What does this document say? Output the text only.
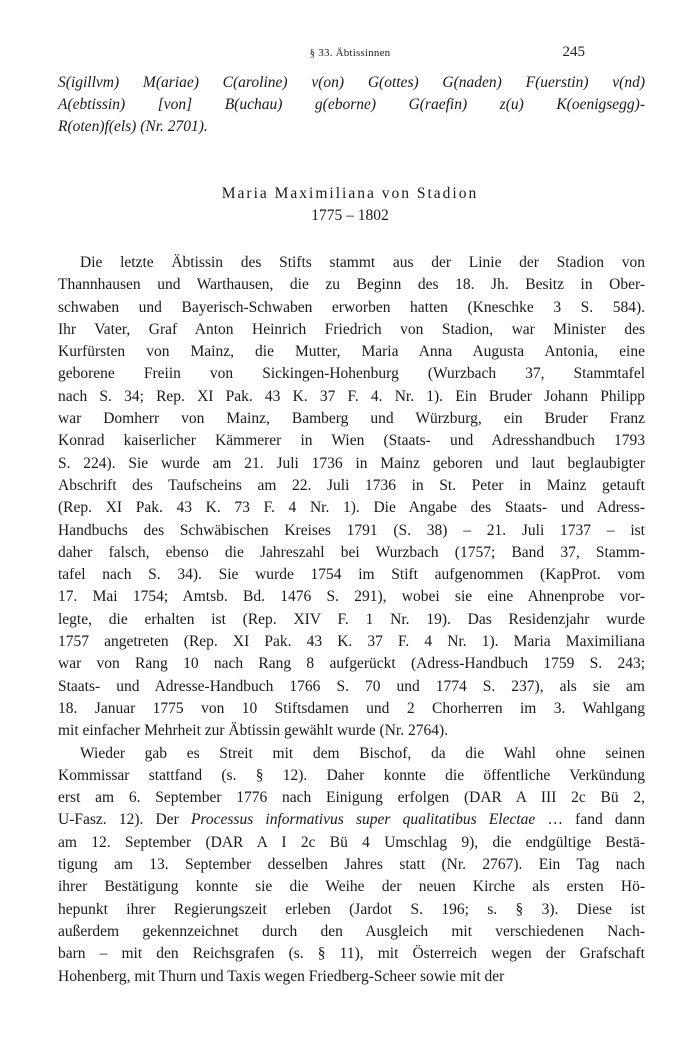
§ 33. Äbtissinnen	245
S(igillvm) M(ariae) C(aroline) v(on) G(ottes) G(naden) F(uerstin) v(nd)
A(ebtissin) [von] B(uchau) g(eborne) G(raefin) z(u) K(oenigsegg)-
R(oten)f(els) (Nr. 2701).
Maria Maximiliana von Stadion
1775 – 1802
Die letzte Äbtissin des Stifts stammt aus der Linie der Stadion von
Thannhausen und Warthausen, die zu Beginn des 18. Jh. Besitz in Ober-
schwaben und Bayerisch-Schwaben erworben hatten (Kneschke 3 S. 584).
Ihr Vater, Graf Anton Heinrich Friedrich von Stadion, war Minister des
Kurfürsten von Mainz, die Mutter, Maria Anna Augusta Antonia, eine
geborene Freiin von Sickingen-Hohenburg (Wurzbach 37, Stammtafel
nach S. 34; Rep. XI Pak. 43 K. 37 F. 4. Nr. 1). Ein Bruder Johann Philipp
war Domherr von Mainz, Bamberg und Würzburg, ein Bruder Franz
Konrad kaiserlicher Kämmerer in Wien (Staats- und Adresshandbuch 1793
S. 224). Sie wurde am 21. Juli 1736 in Mainz geboren und laut beglaubigter
Abschrift des Taufscheins am 22. Juli 1736 in St. Peter in Mainz getauft
(Rep. XI Pak. 43 K. 73 F. 4 Nr. 1). Die Angabe des Staats- und Adress-
Handbuchs des Schwäbischen Kreises 1791 (S. 38) – 21. Juli 1737 – ist
daher falsch, ebenso die Jahreszahl bei Wurzbach (1757; Band 37, Stamm-
tafel nach S. 34). Sie wurde 1754 im Stift aufgenommen (KapProt. vom
17. Mai 1754; Amtsb. Bd. 1476 S. 291), wobei sie eine Ahnenprobe vor-
legte, die erhalten ist (Rep. XIV F. 1 Nr. 19). Das Residenzjahr wurde
1757 angetreten (Rep. XI Pak. 43 K. 37 F. 4 Nr. 1). Maria Maximiliana
war von Rang 10 nach Rang 8 aufgerückt (Adress-Handbuch 1759 S. 243;
Staats- und Adresse-Handbuch 1766 S. 70 und 1774 S. 237), als sie am
18. Januar 1775 von 10 Stiftsdamen und 2 Chorherren im 3. Wahlgang
mit einfacher Mehrheit zur Äbtissin gewählt wurde (Nr. 2764).
Wieder gab es Streit mit dem Bischof, da die Wahl ohne seinen
Kommissar stattfand (s. § 12). Daher konnte die öffentliche Verkündung
erst am 6. September 1776 nach Einigung erfolgen (DAR A III 2c Bü 2,
U-Fasz. 12). Der Processus informativus super qualitatibus Electae … fand dann
am 12. September (DAR A I 2c Bü 4 Umschlag 9), die endgültige Bestä-
tigung am 13. September desselben Jahres statt (Nr. 2767). Ein Tag nach
ihrer Bestätigung konnte sie die Weihe der neuen Kirche als ersten Hö-
hepunkt ihrer Regierungszeit erleben (Jardot S. 196; s. § 3). Diese ist
außerdem gekennzeichnet durch den Ausgleich mit verschiedenen Nach-
barn – mit den Reichsgrafen (s. § 11), mit Österreich wegen der Grafschaft
Hohenberg, mit Thurn und Taxis wegen Friedberg-Scheer sowie mit der
